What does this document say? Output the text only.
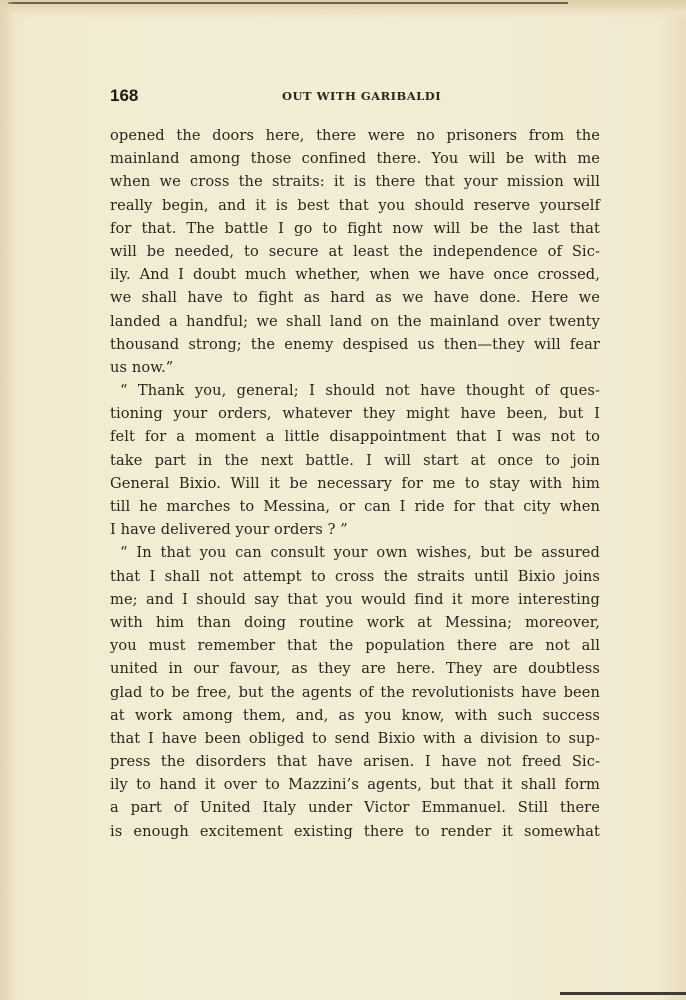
168	OUT WITH GARIBALDI
opened the doors here, there were no prisoners from the
mainland among those confined there. You will be with me
when we cross the straits: it is there that your mission will
really begin, and it is best that you should reserve yourself
for that. The battle I go to fight now will be the last that
will be needed, to secure at least the independence of Sic-
ily. And I doubt much whether, when we have once crossed,
we shall have to fight as hard as we have done. Here we
landed a handful; we shall land on the mainland over twenty
thousand strong; the enemy despised us then—they will fear
us now.”
“ Thank you, general; I should not have thought of ques-
tioning your orders, whatever they might have been, but I
felt for a moment a little disappointment that I was not to
take part in the next battle. I will start at once to join
General Bixio. Will it be necessary for me to stay with him
till he marches to Messina, or can I ride for that city when
I have delivered your orders ? ”
“ In that you can consult your own wishes, but be assured
that I shall not attempt to cross the straits until Bixio joins
me; and I should say that you would find it more interesting
with him than doing routine work at Messina; moreover,
you must remember that the population there are not all
united in our favour, as they are here. They are doubtless
glad to be free, but the agents of the revolutionists have been
at work among them, and, as you know, with such success
that I have been obliged to send Bixio with a division to sup-
press the disorders that have arisen. I have not freed Sic-
ily to hand it over to Mazzini’s agents, but that it shall form
a part of United Italy under Victor Emmanuel. Still there
is enough excitement existing there to render it somewhat
